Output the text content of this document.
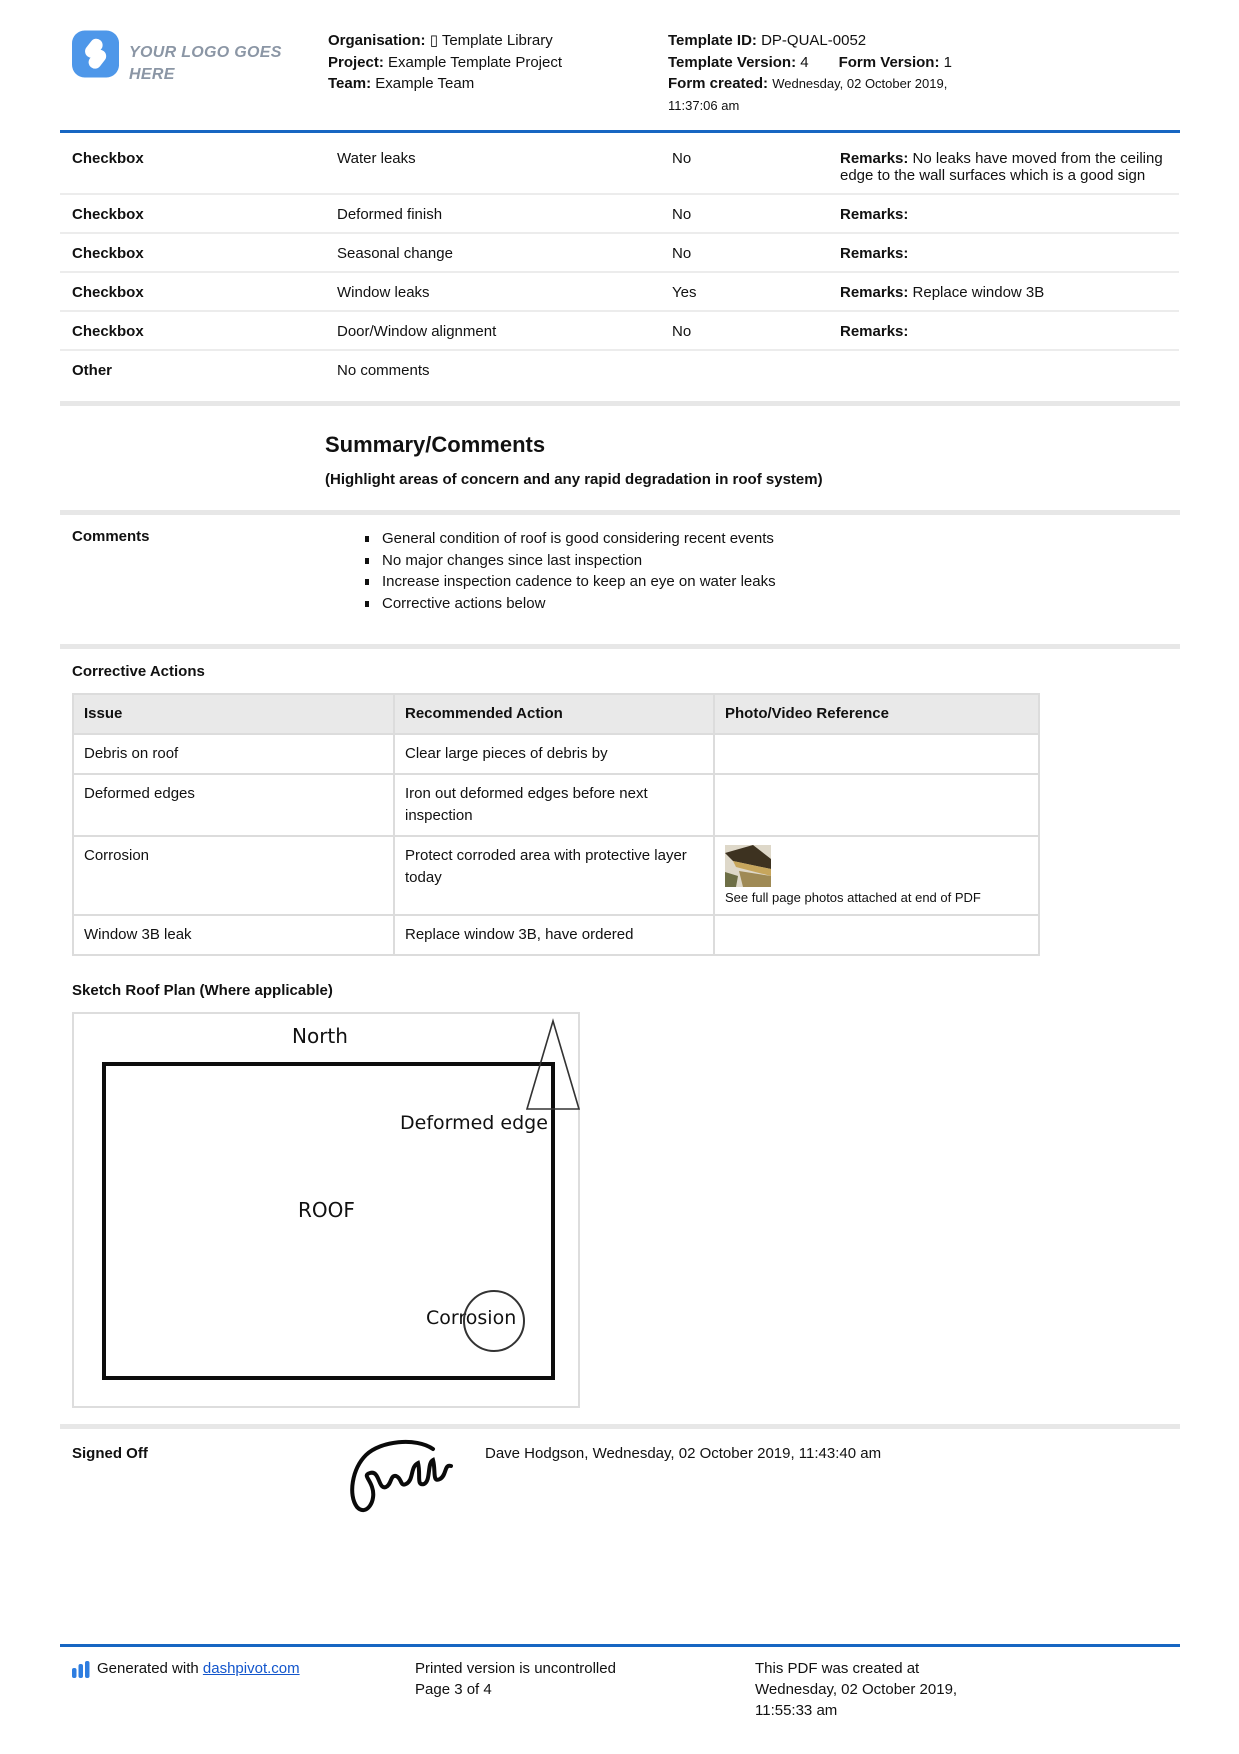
YOUR LOGO GOES HERE
Organisation: ▯ Template Library
Project: Example Template Project
Team: Example Team
Template ID: DP-QUAL-0052
Template Version: 4 Form Version: 1
Form created: Wednesday, 02 October 2019,
11:37:06 am
Checkbox	Water leaks	No	Remarks: No leaks have moved from the ceiling edge to the wall surfaces which is a good sign
Checkbox	Deformed finish	No	Remarks:
Checkbox	Seasonal change	No	Remarks:
Checkbox	Window leaks	Yes	Remarks: Replace window 3B
Checkbox	Door/Window alignment	No	Remarks:
Other	No comments
Summary/Comments
(Highlight areas of concern and any rapid degradation in roof system)
Comments	General condition of roof is good considering recent events
No major changes since last inspection
Increase inspection cadence to keep an eye on water leaks
Corrective actions below
Corrective Actions
Issue	Recommended Action	Photo/Video Reference
Debris on roof	Clear large pieces of debris by	
Deformed edges	Iron out deformed edges before next inspection	
Corrosion	Protect corroded area with protective layer today	See full page photos attached at end of PDF

Window 3B leak	Replace window 3B, have ordered	
Sketch Roof Plan (Where applicable)
North
Deformed edge
ROOF
Corrosion
Signed Off	Dave Hodgson, Wednesday, 02 October 2019, 11:43:40 am
Generated with dashpivot.com	Printed version is uncontrolled
Page 3 of 4
This PDF was created at
Wednesday, 02 October 2019,
11:55:33 am
